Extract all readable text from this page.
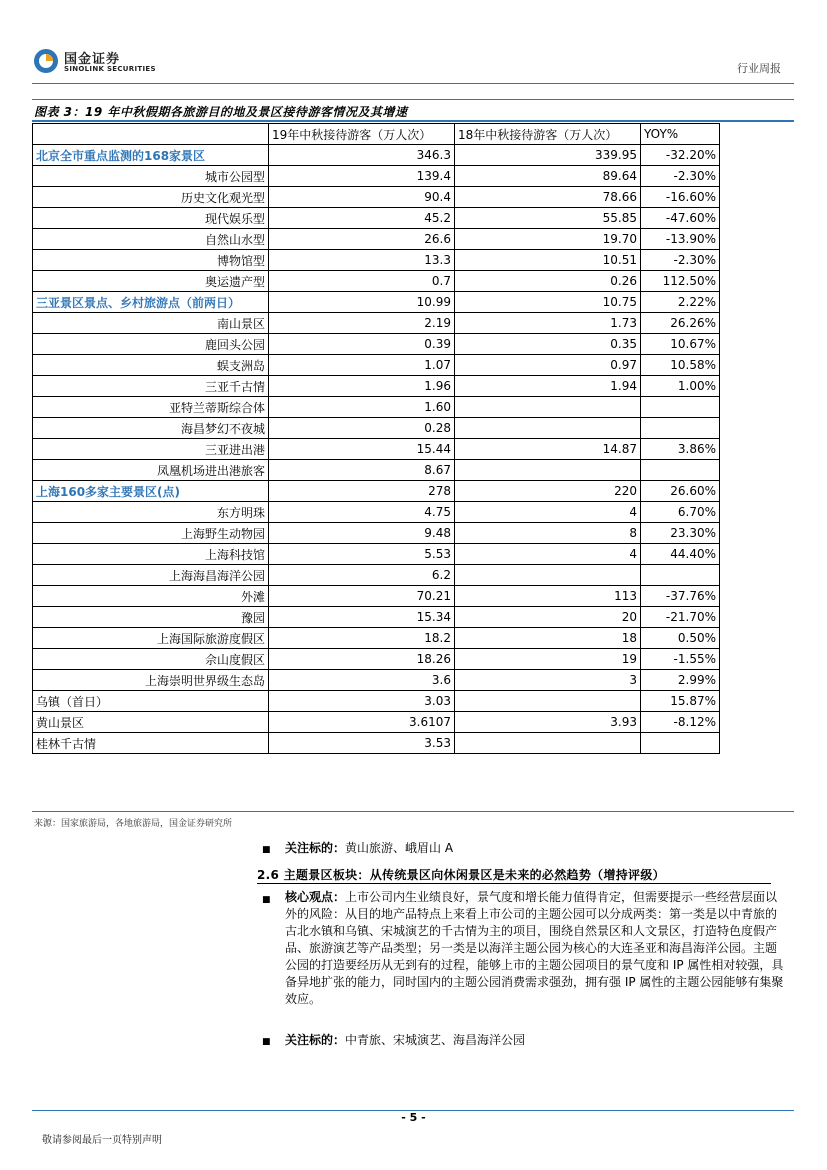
国金证券
SINOLINK SECURITIES	行业周报
图表 3：19 年中秋假期各旅游目的地及景区接待游客情况及其增速
	19年中秋接待游客（万人次）	18年中秋接待游客（万人次）	YOY%
北京全市重点监测的168家景区	346.3	339.95	-32.20%
城市公园型	139.4	89.64	-2.30%
历史文化观光型	90.4	78.66	-16.60%
现代娱乐型	45.2	55.85	-47.60%
自然山水型	26.6	19.70	-13.90%
博物馆型	13.3	10.51	-2.30%
奥运遗产型	0.7	0.26	112.50%
三亚景区景点、乡村旅游点（前两日）	10.99	10.75	2.22%
南山景区	2.19	1.73	26.26%
鹿回头公园	0.39	0.35	10.67%
蜈支洲岛	1.07	0.97	10.58%
三亚千古情	1.96	1.94	1.00%
亚特兰蒂斯综合体	1.60		
海昌梦幻不夜城	0.28		
三亚进出港	15.44	14.87	3.86%
凤凰机场进出港旅客	8.67		
上海160多家主要景区(点)	278	220	26.60%
东方明珠	4.75	4	6.70%
上海野生动物园	9.48	8	23.30%
上海科技馆	5.53	4	44.40%
上海海昌海洋公园	6.2		
外滩	70.21	113	-37.76%
豫园	15.34	20	-21.70%
上海国际旅游度假区	18.2	18	0.50%
佘山度假区	18.26	19	-1.55%
上海崇明世界级生态岛	3.6	3	2.99%
乌镇（首日）	3.03		15.87%
黄山景区	3.6107	3.93	-8.12%
桂林千古情	3.53		
来源：国家旅游局，各地旅游局，国金证券研究所
■ 关注标的：黄山旅游、峨眉山 A
2.6 主题景区板块：从传统景区向休闲景区是未来的必然趋势（增持评级）
■ 核心观点：上市公司内生业绩良好，景气度和增长能力值得肯定，但需要提示一些经营层面以外的风险：从目的地产品特点上来看上市公司的主题公园可以分成两类：第一类是以中青旅的古北水镇和乌镇、宋城演艺的千古情为主的项目，围绕自然景区和人文景区，打造特色度假产品、旅游演艺等产品类型；另一类是以海洋主题公园为核心的大连圣亚和海昌海洋公园。主题公园的打造要经历从无到有的过程，能够上市的主题公园项目的景气度和 IP 属性相对较强，具备异地扩张的能力，同时国内的主题公园消费需求强劲，拥有强 IP 属性的主题公园能够有集聚效应。
■ 关注标的：中青旅、宋城演艺、海昌海洋公园
- 5 -
敬请参阅最后一页特别声明
